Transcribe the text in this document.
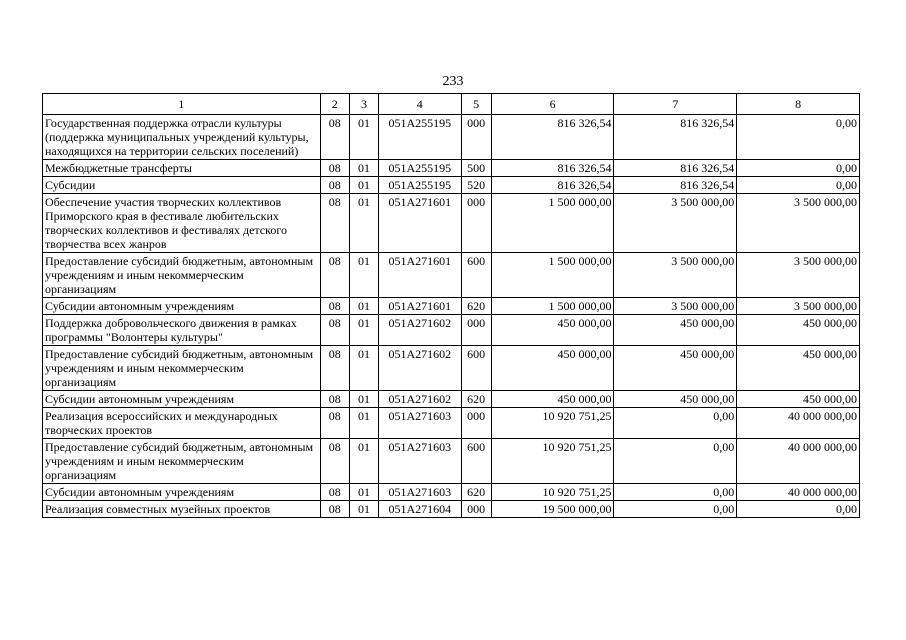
233
1	2	3	4	5	6	7	8
Государственная поддержка отрасли культуры (поддержка муниципальных учреждений культуры, находящихся на территории сельских поселений)	08	01	051A255195	000	816 326,54	816 326,54	0,00
Межбюджетные трансферты	08	01	051A255195	500	816 326,54	816 326,54	0,00
Субсидии	08	01	051A255195	520	816 326,54	816 326,54	0,00
Обеспечение участия творческих коллективов Приморского края в фестивале любительских творческих коллективов и фестивалях детского творчества всех жанров	08	01	051A271601	000	1 500 000,00	3 500 000,00	3 500 000,00
Предоставление субсидий бюджетным, автономным учреждениям и иным некоммерческим организациям	08	01	051A271601	600	1 500 000,00	3 500 000,00	3 500 000,00
Субсидии автономным учреждениям	08	01	051A271601	620	1 500 000,00	3 500 000,00	3 500 000,00
Поддержка добровольческого движения в рамках программы "Волонтеры культуры"	08	01	051A271602	000	450 000,00	450 000,00	450 000,00
Предоставление субсидий бюджетным, автономным учреждениям и иным некоммерческим организациям	08	01	051A271602	600	450 000,00	450 000,00	450 000,00
Субсидии автономным учреждениям	08	01	051A271602	620	450 000,00	450 000,00	450 000,00
Реализация всероссийских и международных творческих проектов	08	01	051A271603	000	10 920 751,25	0,00	40 000 000,00
Предоставление субсидий бюджетным, автономным учреждениям и иным некоммерческим организациям	08	01	051A271603	600	10 920 751,25	0,00	40 000 000,00
Субсидии автономным учреждениям	08	01	051A271603	620	10 920 751,25	0,00	40 000 000,00
Реализация совместных музейных проектов	08	01	051A271604	000	19 500 000,00	0,00	0,00
